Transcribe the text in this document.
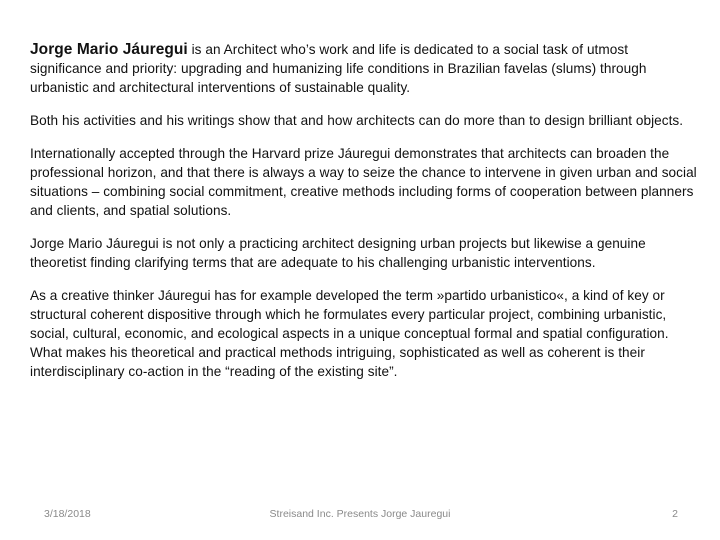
Jorge Mario Jáuregui is an Architect who’s work and life is dedicated to a social task of utmost significance and priority: upgrading and humanizing life conditions in Brazilian favelas (slums) through urbanistic and architectural interventions of sustainable quality.

Both his activities and his writings show that and how architects can do more than to design brilliant objects.

Internationally accepted through the Harvard prize Jáuregui demonstrates that architects can broaden the professional horizon, and that there is always a way to seize the chance to intervene in given urban and social situations – combining social commitment, creative methods including forms of cooperation between planners and clients, and spatial solutions.

Jorge Mario Jáuregui is not only a practicing architect designing urban projects but likewise a genuine theoretist finding clarifying terms that are adequate to his challenging urbanistic interventions.

As a creative thinker Jáuregui has for example developed the term »partido urbanistico«, a kind of key or structural coherent dispositive through which he formulates every particular project, combining urbanistic, social, cultural, economic, and ecological aspects in a unique conceptual formal and spatial configuration. What makes his theoretical and practical methods intriguing, sophisticated as well as coherent is their interdisciplinary co-action in the “reading of the existing site”.

3/18/2018	Streisand Inc. Presents Jorge Jauregui	2
